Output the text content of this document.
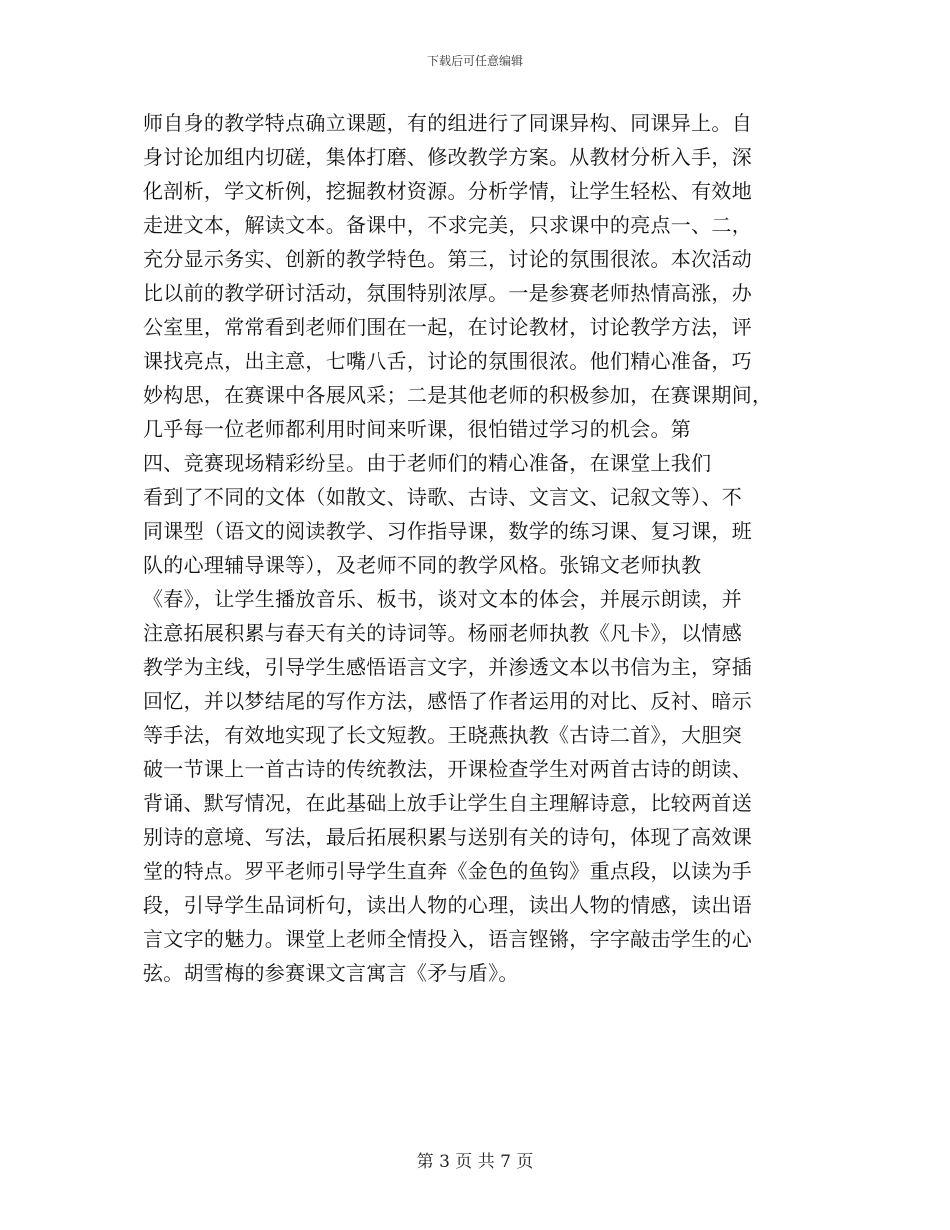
下载后可任意编辑
师自身的教学特点确立课题，有的组进行了同课异构、同课异上。自
身讨论加组内切磋，集体打磨、修改教学方案。从教材分析入手，深
化剖析，学文析例，挖掘教材资源。分析学情，让学生轻松、有效地
走进文本，解读文本。备课中，不求完美，只求课中的亮点一、二，
充分显示务实、创新的教学特色。第三，讨论的氛围很浓。本次活动
比以前的教学研讨活动，氛围特别浓厚。一是参赛老师热情高涨，办
公室里，常常看到老师们围在一起，在讨论教材，讨论教学方法，评
课找亮点，出主意，七嘴八舌，讨论的氛围很浓。他们精心准备，巧
妙构思，在赛课中各展风采；二是其他老师的积极参加，在赛课期间，
几乎每一位老师都利用时间来听课，很怕错过学习的机会。第
四、竞赛现场精彩纷呈。由于老师们的精心准备，在课堂上我们
看到了不同的文体（如散文、诗歌、古诗、文言文、记叙文等）、不
同课型（语文的阅读教学、习作指导课，数学的练习课、复习课，班
队的心理辅导课等），及老师不同的教学风格。张锦文老师执教
《春》，让学生播放音乐、板书，谈对文本的体会，并展示朗读，并
注意拓展积累与春天有关的诗词等。杨丽老师执教《凡卡》，以情感
教学为主线，引导学生感悟语言文字，并渗透文本以书信为主，穿插
回忆，并以梦结尾的写作方法，感悟了作者运用的对比、反衬、暗示
等手法，有效地实现了长文短教。王晓燕执教《古诗二首》，大胆突
破一节课上一首古诗的传统教法，开课检查学生对两首古诗的朗读、
背诵、默写情况，在此基础上放手让学生自主理解诗意，比较两首送
别诗的意境、写法，最后拓展积累与送别有关的诗句，体现了高效课
堂的特点。罗平老师引导学生直奔《金色的鱼钩》重点段，以读为手
段，引导学生品词析句，读出人物的心理，读出人物的情感，读出语
言文字的魅力。课堂上老师全情投入，语言铿锵，字字敲击学生的心
弦。胡雪梅的参赛课文言寓言《矛与盾》。
第 3 页 共 7 页
